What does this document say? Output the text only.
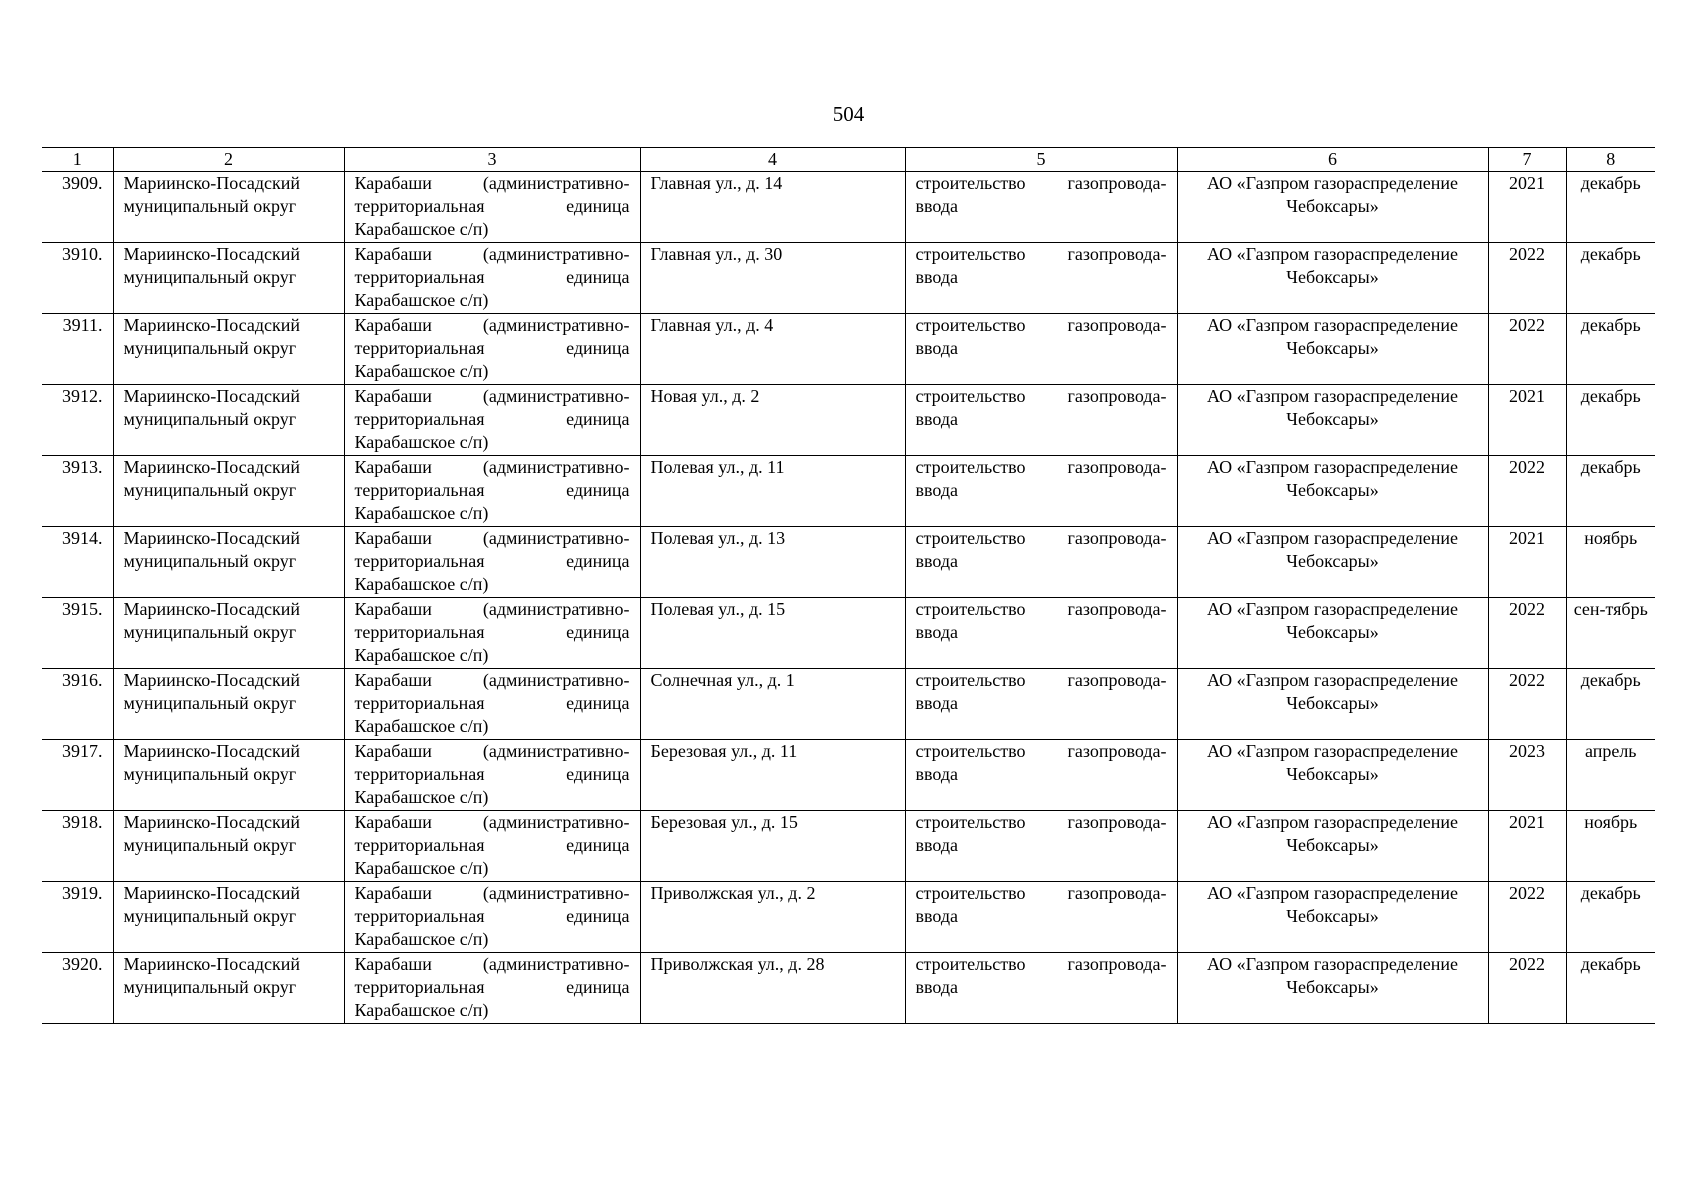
504
1	2	3	4	5	6	7	8
3909.	Мариинско-Посадский муниципальный округ	Карабаши (административно-территориальная единица Карабашское с/п)	Главная ул., д. 14	строительство газопровода-ввода	АО «Газпром газораспределение Чебоксары»	2021	декабрь
3910.	Мариинско-Посадский муниципальный округ	Карабаши (административно-территориальная единица Карабашское с/п)	Главная ул., д. 30	строительство газопровода-ввода	АО «Газпром газораспределение Чебоксары»	2022	декабрь
3911.	Мариинско-Посадский муниципальный округ	Карабаши (административно-территориальная единица Карабашское с/п)	Главная ул., д. 4	строительство газопровода-ввода	АО «Газпром газораспределение Чебоксары»	2022	декабрь
3912.	Мариинско-Посадский муниципальный округ	Карабаши (административно-территориальная единица Карабашское с/п)	Новая ул., д. 2	строительство газопровода-ввода	АО «Газпром газораспределение Чебоксары»	2021	декабрь
3913.	Мариинско-Посадский муниципальный округ	Карабаши (административно-территориальная единица Карабашское с/п)	Полевая ул., д. 11	строительство газопровода-ввода	АО «Газпром газораспределение Чебоксары»	2022	декабрь
3914.	Мариинско-Посадский муниципальный округ	Карабаши (административно-территориальная единица Карабашское с/п)	Полевая ул., д. 13	строительство газопровода-ввода	АО «Газпром газораспределение Чебоксары»	2021	ноябрь
3915.	Мариинско-Посадский муниципальный округ	Карабаши (административно-территориальная единица Карабашское с/п)	Полевая ул., д. 15	строительство газопровода-ввода	АО «Газпром газораспределение Чебоксары»	2022	сен-тябрь
3916.	Мариинско-Посадский муниципальный округ	Карабаши (административно-территориальная единица Карабашское с/п)	Солнечная ул., д. 1	строительство газопровода-ввода	АО «Газпром газораспределение Чебоксары»	2022	декабрь
3917.	Мариинско-Посадский муниципальный округ	Карабаши (административно-территориальная единица Карабашское с/п)	Березовая ул., д. 11	строительство газопровода-ввода	АО «Газпром газораспределение Чебоксары»	2023	апрель
3918.	Мариинско-Посадский муниципальный округ	Карабаши (административно-территориальная единица Карабашское с/п)	Березовая ул., д. 15	строительство газопровода-ввода	АО «Газпром газораспределение Чебоксары»	2021	ноябрь
3919.	Мариинско-Посадский муниципальный округ	Карабаши (административно-территориальная единица Карабашское с/п)	Приволжская ул., д. 2	строительство газопровода-ввода	АО «Газпром газораспределение Чебоксары»	2022	декабрь
3920.	Мариинско-Посадский муниципальный округ	Карабаши (административно-территориальная единица Карабашское с/п)	Приволжская ул., д. 28	строительство газопровода-ввода	АО «Газпром газораспределение Чебоксары»	2022	декабрь
